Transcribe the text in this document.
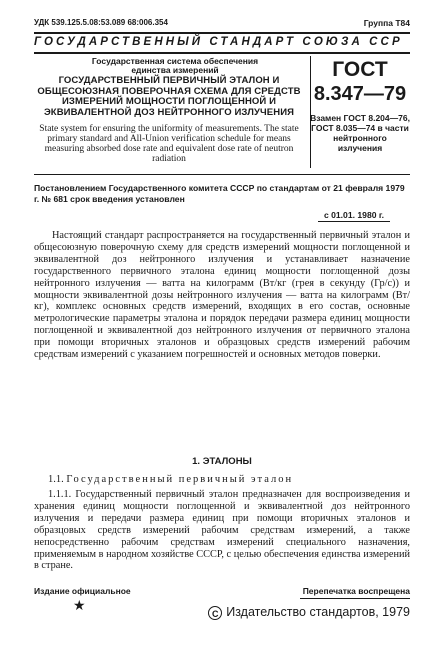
УДК 539.125.5.08:53.089 68:006.354	Группа Т84
ГОСУДАРСТВЕННЫЙ СТАНДАРТ СОЮЗА ССР
Государственная система обеспечения единства измерений
ГОСУДАРСТВЕННЫЙ ПЕРВИЧНЫЙ ЭТАЛОН И ОБЩЕСОЮЗНАЯ ПОВЕРОЧНАЯ СХЕМА ДЛЯ СРЕДСТВ ИЗМЕРЕНИЙ МОЩНОСТИ ПОГЛОЩЕННОЙ И ЭКВИВАЛЕНТНОЙ ДОЗ НЕЙТРОННОГО ИЗЛУЧЕНИЯ
State system for ensuring the uniformity of measurements. The state primary standard and All-Union verification schedule for means measuring absorbed dose rate and equivalent dose rate of neutron radiation
ГОСТ
8.347—79
Взамен ГОСТ 8.204—76, ГОСТ 8.035—74 в части нейтронного излучения
Постановлением Государственного комитета СССР по стандартам от 21 февраля 1979 г. № 681 срок введения установлен
с 01.01. 1980 г.
Настоящий стандарт распространяется на государственный первичный эталон и общесоюзную поверочную схему для средств измерений мощности поглощенной и эквивалентной доз нейтронного излучения и устанавливает назначение государственного первичного эталона единиц мощности поглощенной дозы нейтронного излучения — ватта на килограмм (Вт/кг (грея в секунду (Гр/с)) и мощности эквивалентной дозы нейтронного излучения — ватта на килограмм (Вт/кг), комплекс основных средств измерений, входящих в его состав, основные метрологические параметры эталона и порядок передачи размера единиц мощности поглощенной и эквивалентной доз нейтронного излучения от первичного эталона при помощи вторичных эталонов и образцовых средств измерений рабочим средствам измерений с указанием погрешностей и основных методов поверки.
1. ЭТАЛОНЫ
1.1. Государственный первичный эталон
1.1.1. Государственный первичный эталон предназначен для воспроизведения и хранения единиц мощности поглощенной и эквивалентной доз нейтронного излучения и передачи размера единиц при помощи вторичных эталонов и образцовых средств измерений рабочим средствам измерений, а также непосредственно рабочим средствам измерений специального назначения, применяемым в народном хозяйстве СССР, с целью обеспечения единства измерений в стране.
Издание официальное	Перепечатка воспрещена
★	C Издательство стандартов, 1979
